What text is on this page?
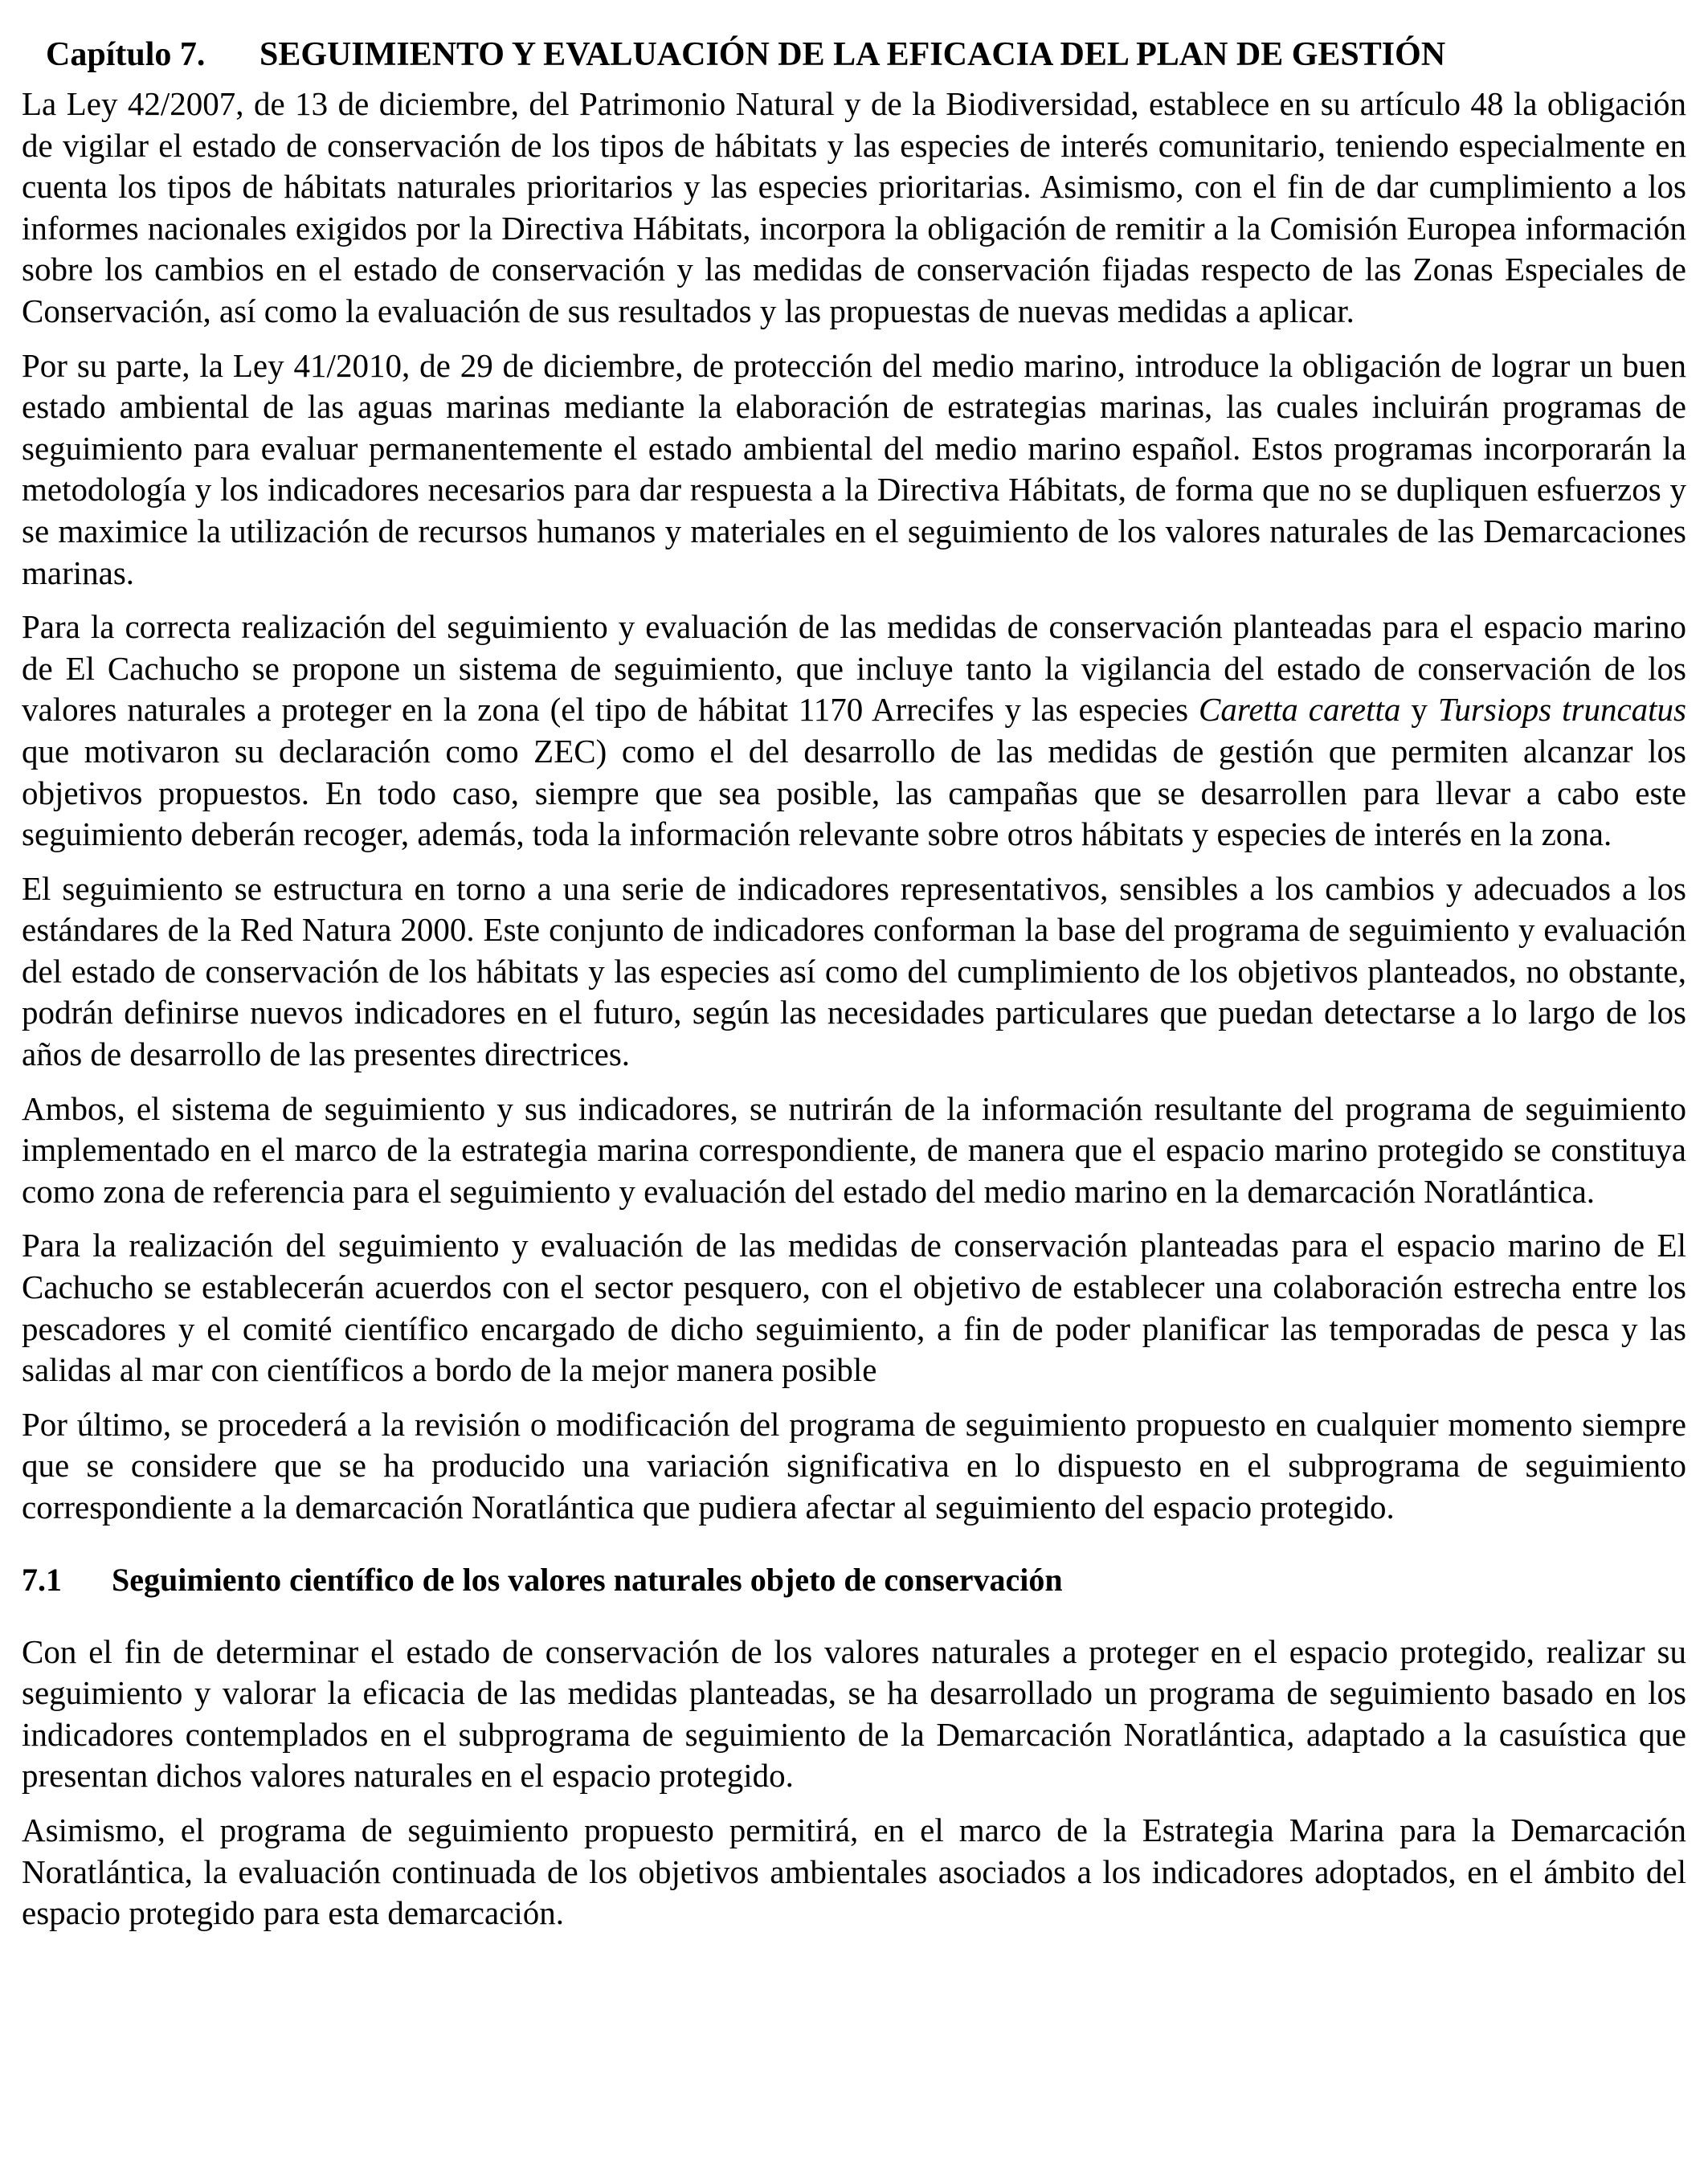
Capítulo 7. SEGUIMIENTO Y EVALUACIÓN DE LA EFICACIA DEL PLAN DE GESTIÓN

La Ley 42/2007, de 13 de diciembre, del Patrimonio Natural y de la Biodiversidad, establece en su artículo 48 la obligación de vigilar el estado de conservación de los tipos de hábitats y las especies de interés comunitario, teniendo especialmente en cuenta los tipos de hábitats naturales prioritarios y las especies prioritarias. Asimismo, con el fin de dar cumplimiento a los informes nacionales exigidos por la Directiva Hábitats, incorpora la obligación de remitir a la Comisión Europea información sobre los cambios en el estado de conservación y las medidas de conservación fijadas respecto de las Zonas Especiales de Conservación, así como la evaluación de sus resultados y las propuestas de nuevas medidas a aplicar.

Por su parte, la Ley 41/2010, de 29 de diciembre, de protección del medio marino, introduce la obligación de lograr un buen estado ambiental de las aguas marinas mediante la elaboración de estrategias marinas, las cuales incluirán programas de seguimiento para evaluar permanentemente el estado ambiental del medio marino español. Estos programas incorporarán la metodología y los indicadores necesarios para dar respuesta a la Directiva Hábitats, de forma que no se dupliquen esfuerzos y se maximice la utilización de recursos humanos y materiales en el seguimiento de los valores naturales de las Demarcaciones marinas.

Para la correcta realización del seguimiento y evaluación de las medidas de conservación planteadas para el espacio marino de El Cachucho se propone un sistema de seguimiento, que incluye tanto la vigilancia del estado de conservación de los valores naturales a proteger en la zona (el tipo de hábitat 1170 Arrecifes y las especies Caretta caretta y Tursiops truncatus que motivaron su declaración como ZEC) como el del desarrollo de las medidas de gestión que permiten alcanzar los objetivos propuestos. En todo caso, siempre que sea posible, las campañas que se desarrollen para llevar a cabo este seguimiento deberán recoger, además, toda la información relevante sobre otros hábitats y especies de interés en la zona.

El seguimiento se estructura en torno a una serie de indicadores representativos, sensibles a los cambios y adecuados a los estándares de la Red Natura 2000. Este conjunto de indicadores conforman la base del programa de seguimiento y evaluación del estado de conservación de los hábitats y las especies así como del cumplimiento de los objetivos planteados, no obstante, podrán definirse nuevos indicadores en el futuro, según las necesidades particulares que puedan detectarse a lo largo de los años de desarrollo de las presentes directrices.

Ambos, el sistema de seguimiento y sus indicadores, se nutrirán de la información resultante del programa de seguimiento implementado en el marco de la estrategia marina correspondiente, de manera que el espacio marino protegido se constituya como zona de referencia para el seguimiento y evaluación del estado del medio marino en la demarcación Noratlántica.

Para la realización del seguimiento y evaluación de las medidas de conservación planteadas para el espacio marino de El Cachucho se establecerán acuerdos con el sector pesquero, con el objetivo de establecer una colaboración estrecha entre los pescadores y el comité científico encargado de dicho seguimiento, a fin de poder planificar las temporadas de pesca y las salidas al mar con científicos a bordo de la mejor manera posible

Por último, se procederá a la revisión o modificación del programa de seguimiento propuesto en cualquier momento siempre que se considere que se ha producido una variación significativa en lo dispuesto en el subprograma de seguimiento correspondiente a la demarcación Noratlántica que pudiera afectar al seguimiento del espacio protegido.

7.1 Seguimiento científico de los valores naturales objeto de conservación

Con el fin de determinar el estado de conservación de los valores naturales a proteger en el espacio protegido, realizar su seguimiento y valorar la eficacia de las medidas planteadas, se ha desarrollado un programa de seguimiento basado en los indicadores contemplados en el subprograma de seguimiento de la Demarcación Noratlántica, adaptado a la casuística que presentan dichos valores naturales en el espacio protegido.

Asimismo, el programa de seguimiento propuesto permitirá, en el marco de la Estrategia Marina para la Demarcación Noratlántica, la evaluación continuada de los objetivos ambientales asociados a los indicadores adoptados, en el ámbito del espacio protegido para esta demarcación.
